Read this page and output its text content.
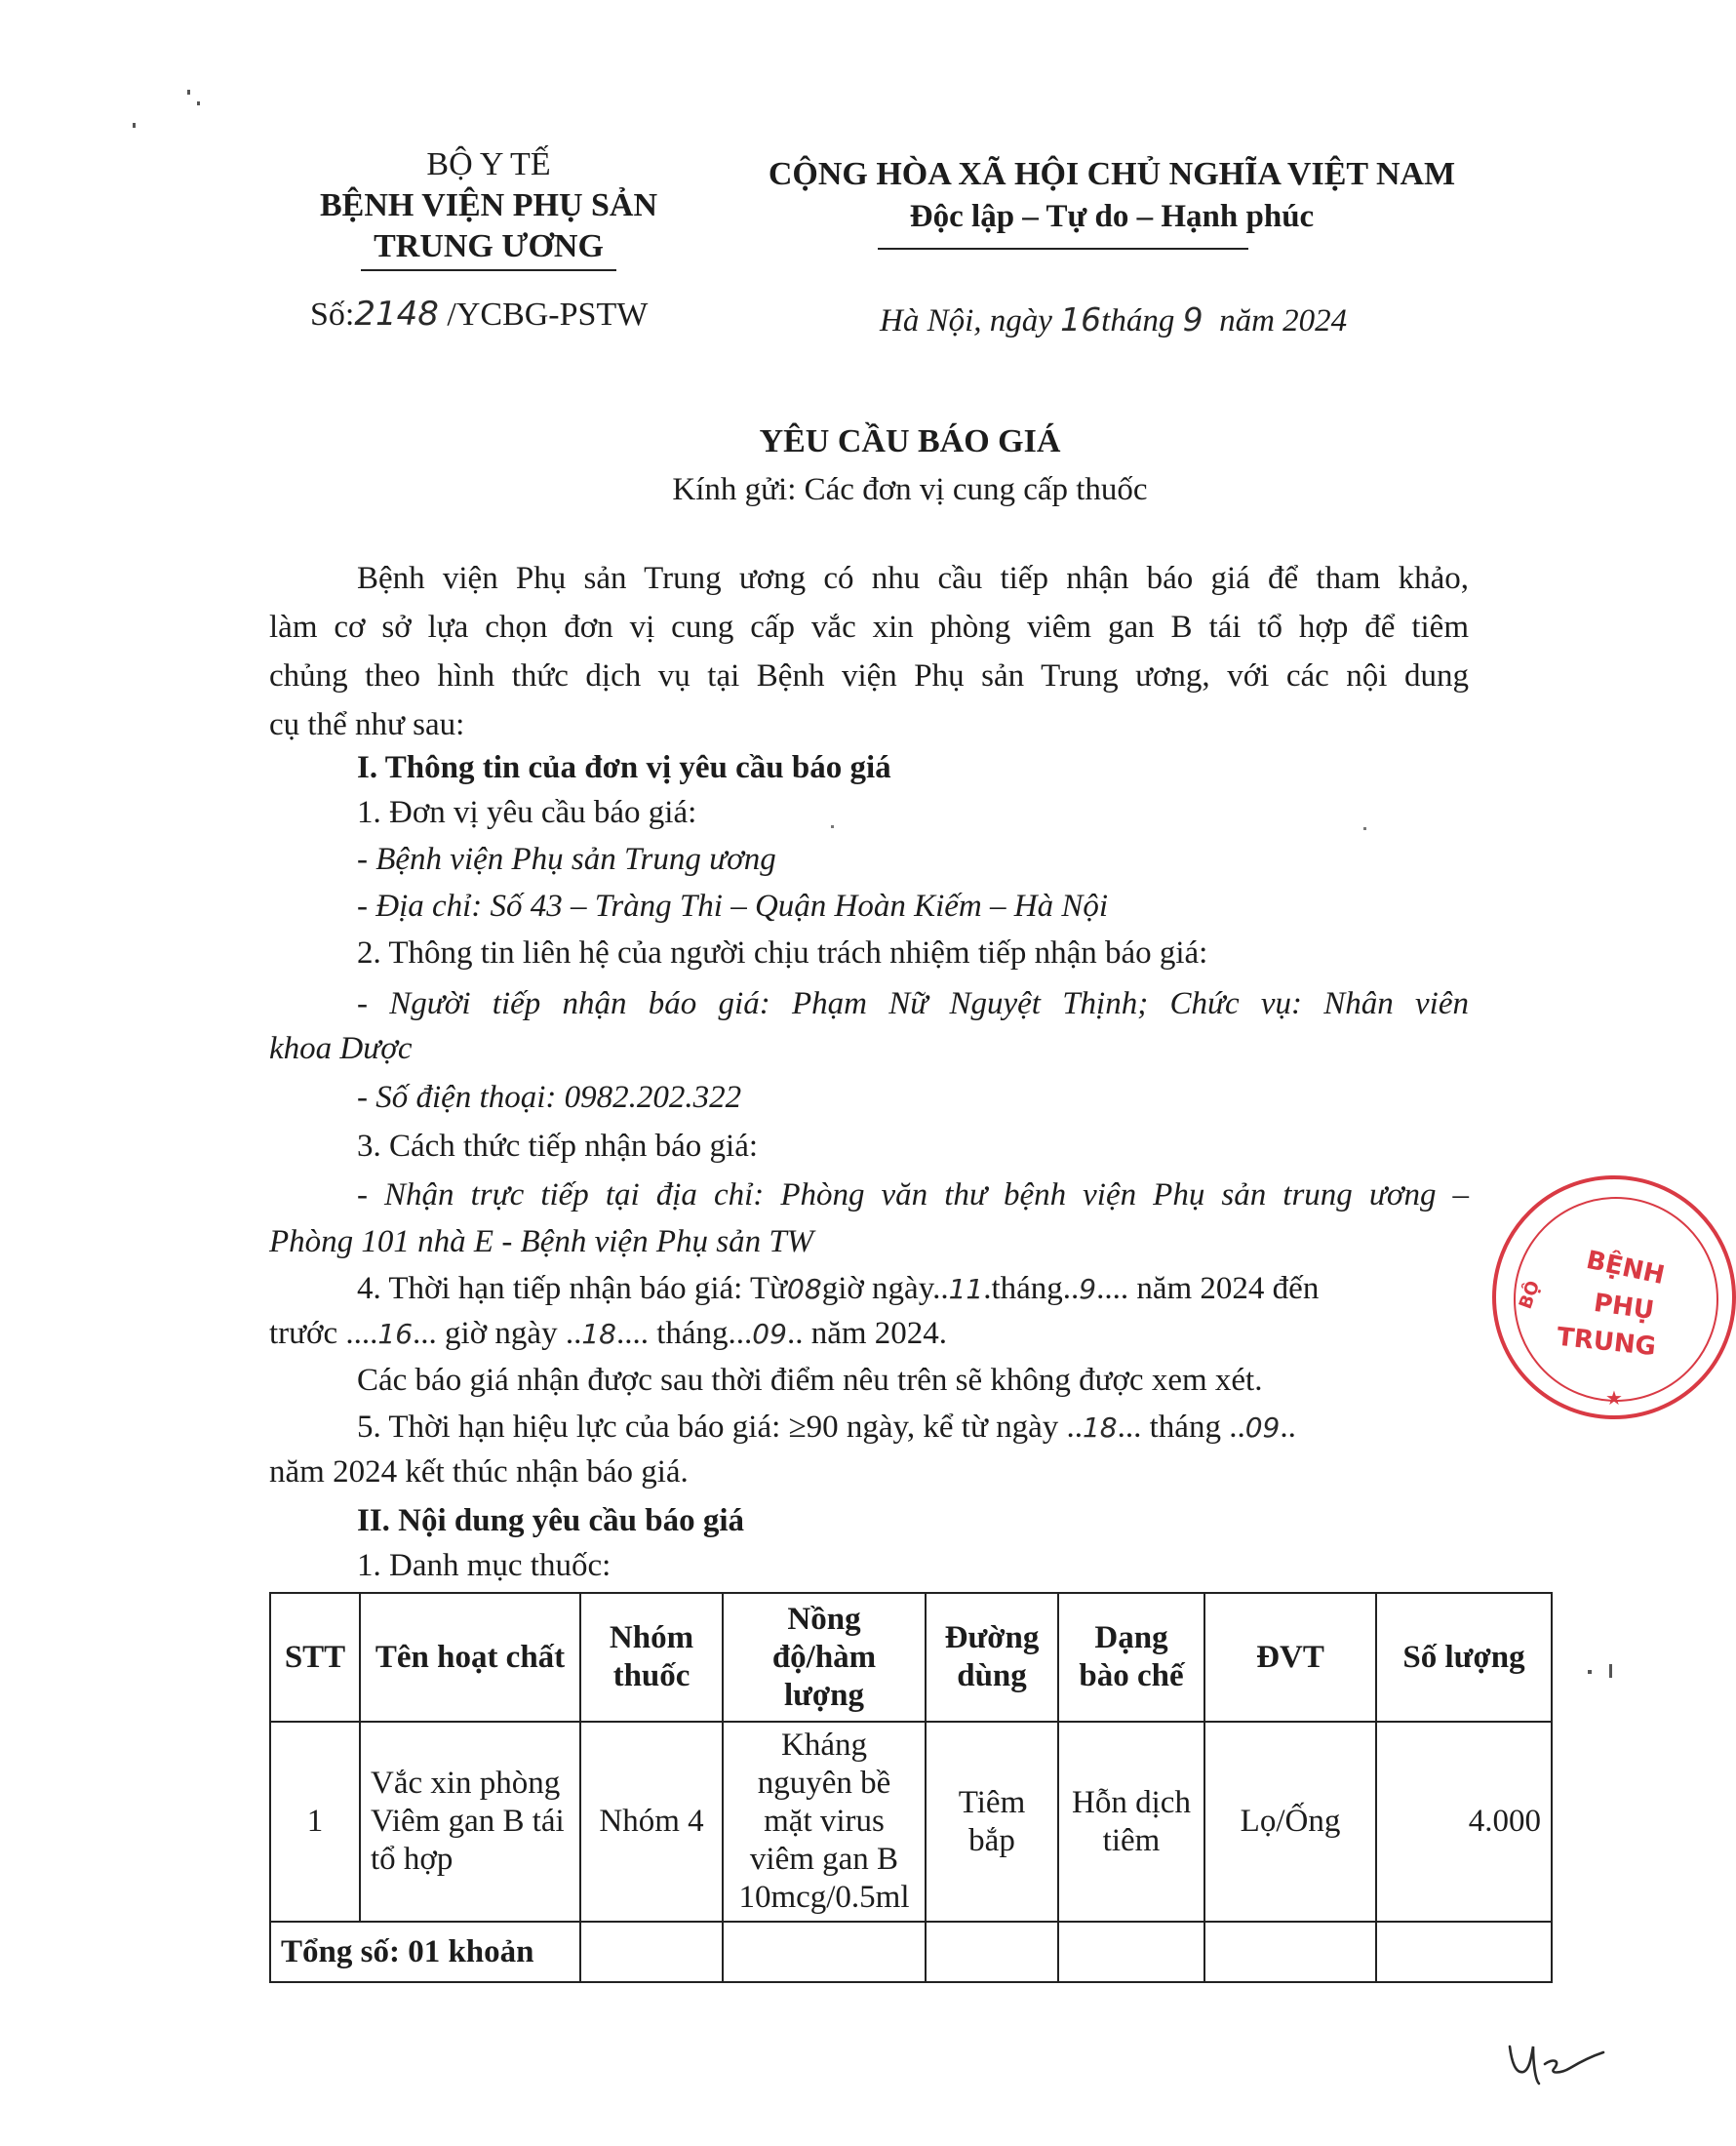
BỘ Y TẾ
BỆNH VIỆN PHỤ SẢN
TRUNG ƯƠNG
Số:2148 /YCBG-PSTW
CỘNG HÒA XÃ HỘI CHỦ NGHĨA VIỆT NAM
Độc lập – Tự do – Hạnh phúc
Hà Nội, ngày 16tháng 9 năm 2024
YÊU CẦU BÁO GIÁ
Kính gửi: Các đơn vị cung cấp thuốc
Bệnh viện Phụ sản Trung ương có nhu cầu tiếp nhận báo giá để tham khảo,
làm cơ sở lựa chọn đơn vị cung cấp vắc xin phòng viêm gan B tái tổ hợp để tiêm
chủng theo hình thức dịch vụ tại Bệnh viện Phụ sản Trung ương, với các nội dung
cụ thể như sau:
I. Thông tin của đơn vị yêu cầu báo giá
1. Đơn vị yêu cầu báo giá:
- Bệnh viện Phụ sản Trung ương
- Địa chỉ: Số 43 – Tràng Thi – Quận Hoàn Kiếm – Hà Nội
2. Thông tin liên hệ của người chịu trách nhiệm tiếp nhận báo giá:
- Người tiếp nhận báo giá: Phạm Nữ Nguyệt Thịnh; Chức vụ: Nhân viên
khoa Dược
- Số điện thoại: 0982.202.322
3. Cách thức tiếp nhận báo giá:
- Nhận trực tiếp tại địa chỉ: Phòng văn thư bệnh viện Phụ sản trung ương –
Phòng 101 nhà E - Bệnh viện Phụ sản TW
4. Thời hạn tiếp nhận báo giá: Từ08giờ ngày..11.tháng..9.... năm 2024 đến
trước ....16... giờ ngày ..18.... tháng...09.. năm 2024.
Các báo giá nhận được sau thời điểm nêu trên sẽ không được xem xét.
5. Thời hạn hiệu lực của báo giá: ≥90 ngày, kể từ ngày ..18... tháng ..09..
năm 2024 kết thúc nhận báo giá.
II. Nội dung yêu cầu báo giá
1. Danh mục thuốc:
STT	Tên hoạt chất	Nhóm thuốc	Nồng độ/hàm lượng	Đường dùng	Dạng bào chế	ĐVT	Số lượng
1	Vắc xin phòng Viêm gan B tái tổ hợp	Nhóm 4	Kháng nguyên bề mặt virus viêm gan B 10mcg/0.5ml	Tiêm bắp	Hỗn dịch tiêm	Lọ/Ống	4.000
Tổng số: 01 khoản							
BỆNH
PHỤ
TRUNG
BỘ
★
